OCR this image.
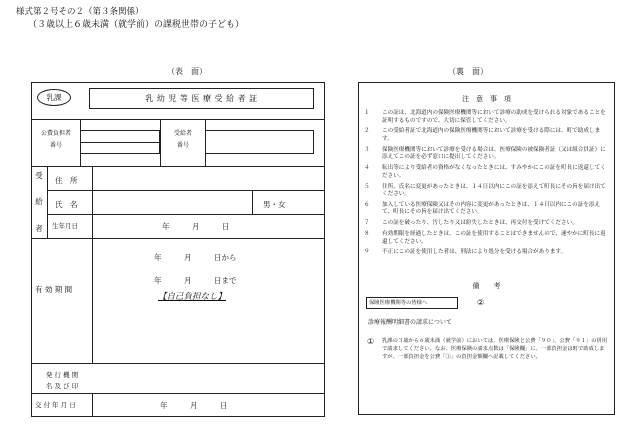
様式第２号その２（第３条関係）
（３歳以上６歳未満（就学前）の課税世帯の子ども）
（表　面）	（裏　面）
乳課	乳 幼 児 等 医 療 受 給 者 証
公費負担者
番号
受給者
番号
受
給
者
住　所
氏　名	男・女
生年月日	年　　　月　　　日
有 効 期 間
年　　　月　　　日から
年　　　月　　　日まで
【自己負担なし】
発 行 機 関
名 及 び 印
交 付 年 月 日	年　　　月　　　日
注　意　事　項
１ この証は、北海道内の保険医療機関等において診療の助成を受けられる対象であることを証明するものですので、大切に保管してください。
２ この受給者証で北海道内の保険医療機関等において診療を受ける際には、町で助成します。
３ 保険医療機関等において診療を受ける場合は、医療保険の被保険者証（又は組合員証）に添えてこの証を必ず窓口に提出してください。
４ 転出等により受給者の資格がなくなったときには、すみやかにこの証を町長に返還してください。
５ 住所、氏名に変更があったときは、１４日以内にこの証を添えて町長にその旨を届け出てください。
６ 加入している医療保険又はその内容に変更があったときは、１４日以内にこの証を添えて、町長にその旨を届け出てください。
７ この証を破ったり、汚したり又は紛失したときは、再交付を受けてください。
８ 有効期限を経過したときは、この証を使用することはできませんので、速やかに町長に返還してください。
９ 不正にこの証を使用した者は、刑法により処分を受ける場合があります。
備　　考
保険医療機関等の皆様へ	②
診療報酬明細書の請求について
① 乳課の３歳から６歳未満（就学前）においては、医療保険と公費「９０」、公費「９１」の併用で請求してください。なお、医療保険の請求点数は「保険欄」に、一部負担金は町で助成しますが、一部負担金を公費「①」の負担金額欄へ記載してください。
